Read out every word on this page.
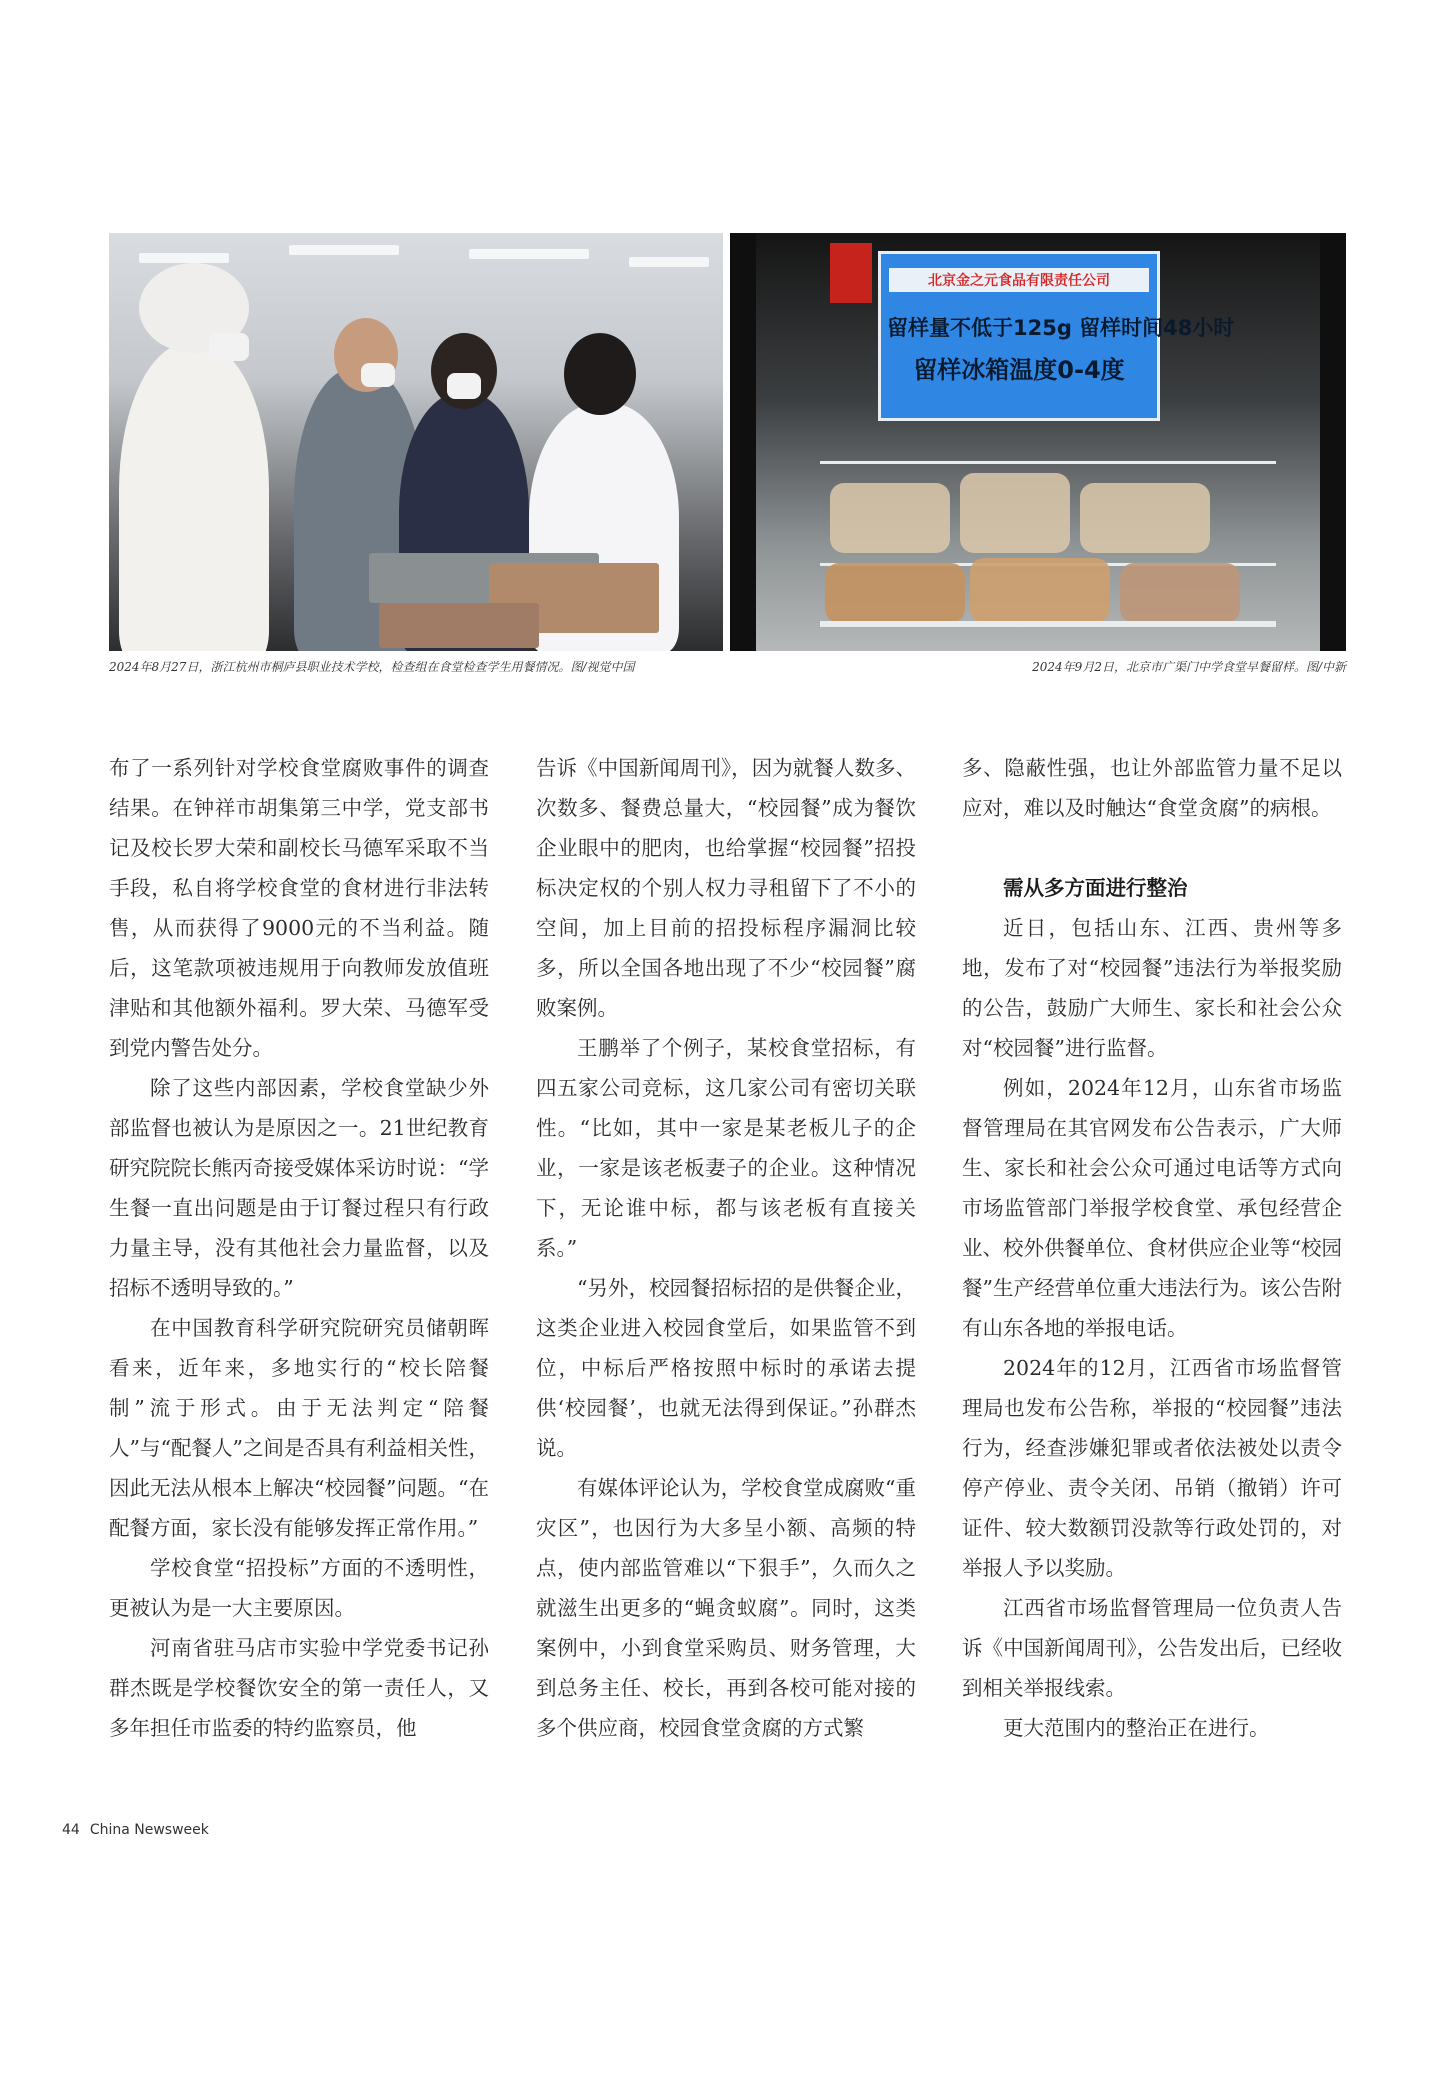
北京金之元食品有限责任公司
留样量不低于125g 留样时间48小时
留样冰箱温度0-4度
2024年8月27日，浙江杭州市桐庐县职业技术学校，检查组在食堂检查学生用餐情况。图/视觉中国	2024年9月2日，北京市广渠门中学食堂早餐留样。图/中新

布了一系列针对学校食堂腐败事件的调查结果。在钟祥市胡集第三中学，党支部书记及校长罗大荣和副校长马德军采取不当手段，私自将学校食堂的食材进行非法转售，从而获得了9000元的不当利益。随后，这笔款项被违规用于向教师发放值班津贴和其他额外福利。罗大荣、马德军受到党内警告处分。

除了这些内部因素，学校食堂缺少外部监督也被认为是原因之一。21世纪教育研究院院长熊丙奇接受媒体采访时说：“学生餐一直出问题是由于订餐过程只有行政力量主导，没有其他社会力量监督，以及招标不透明导致的。”

在中国教育科学研究院研究员储朝晖看来，近年来，多地实行的“校长陪餐制”流于形式。由于无法判定“陪餐人”与“配餐人”之间是否具有利益相关性，因此无法从根本上解决“校园餐”问题。“在配餐方面，家长没有能够发挥正常作用。”

学校食堂“招投标”方面的不透明性，更被认为是一大主要原因。

河南省驻马店市实验中学党委书记孙群杰既是学校餐饮安全的第一责任人，又多年担任市监委的特约监察员，他

告诉《中国新闻周刊》，因为就餐人数多、次数多、餐费总量大，“校园餐”成为餐饮企业眼中的肥肉，也给掌握“校园餐”招投标决定权的个别人权力寻租留下了不小的空间，加上目前的招投标程序漏洞比较多，所以全国各地出现了不少“校园餐”腐败案例。

王鹏举了个例子，某校食堂招标，有四五家公司竞标，这几家公司有密切关联性。“比如，其中一家是某老板儿子的企业，一家是该老板妻子的企业。这种情况下，无论谁中标，都与该老板有直接关系。”

“另外，校园餐招标招的是供餐企业，这类企业进入校园食堂后，如果监管不到位，中标后严格按照中标时的承诺去提供‘校园餐’，也就无法得到保证。”孙群杰说。

有媒体评论认为，学校食堂成腐败“重灾区”，也因行为大多呈小额、高频的特点，使内部监管难以“下狠手”，久而久之就滋生出更多的“蝇贪蚁腐”。同时，这类案例中，小到食堂采购员、财务管理，大到总务主任、校长，再到各校可能对接的多个供应商，校园食堂贪腐的方式繁

多、隐蔽性强，也让外部监管力量不足以应对，难以及时触达“食堂贪腐”的病根。

需从多方面进行整治

近日，包括山东、江西、贵州等多地，发布了对“校园餐”违法行为举报奖励的公告，鼓励广大师生、家长和社会公众对“校园餐”进行监督。

例如，2024年12月，山东省市场监督管理局在其官网发布公告表示，广大师生、家长和社会公众可通过电话等方式向市场监管部门举报学校食堂、承包经营企业、校外供餐单位、食材供应企业等“校园餐”生产经营单位重大违法行为。该公告附有山东各地的举报电话。

2024年的12月，江西省市场监督管理局也发布公告称，举报的“校园餐”违法行为，经查涉嫌犯罪或者依法被处以责令停产停业、责令关闭、吊销（撤销）许可证件、较大数额罚没款等行政处罚的，对举报人予以奖励。

江西省市场监督管理局一位负责人告诉《中国新闻周刊》，公告发出后，已经收到相关举报线索。

更大范围内的整治正在进行。

44 China Newsweek
